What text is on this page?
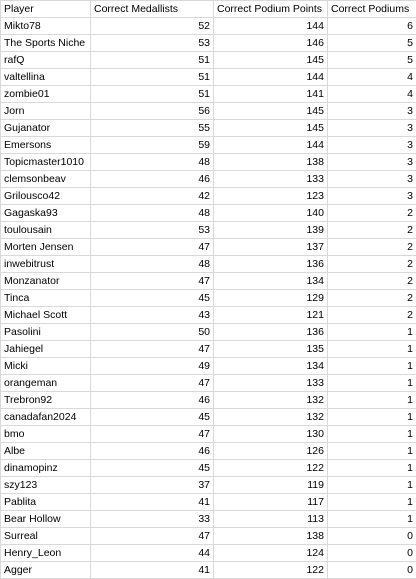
Player	Correct Medallists	Correct Podium Points	Correct Podiums
Mikto78	52	144	6
The Sports Niche	53	146	5
rafQ	51	145	5
valtellina	51	144	4
zombie01	51	141	4
Jorn	56	145	3
Gujanator	55	145	3
Emersons	59	144	3
Topicmaster1010	48	138	3
clemsonbeav	46	133	3
Grilousco42	42	123	3
Gagaska93	48	140	2
toulousain	53	139	2
Morten Jensen	47	137	2
inwebitrust	48	136	2
Monzanator	47	134	2
Tinca	45	129	2
Michael Scott	43	121	2
Pasolini	50	136	1
Jahiegel	47	135	1
Micki	49	134	1
orangeman	47	133	1
Trebron92	46	132	1
canadafan2024	45	132	1
bmo	47	130	1
Albe	46	126	1
dinamopinz	45	122	1
szy123	37	119	1
Pablita	41	117	1
Bear Hollow	33	113	1
Surreal	47	138	0
Henry_Leon	44	124	0
Agger	41	122	0
